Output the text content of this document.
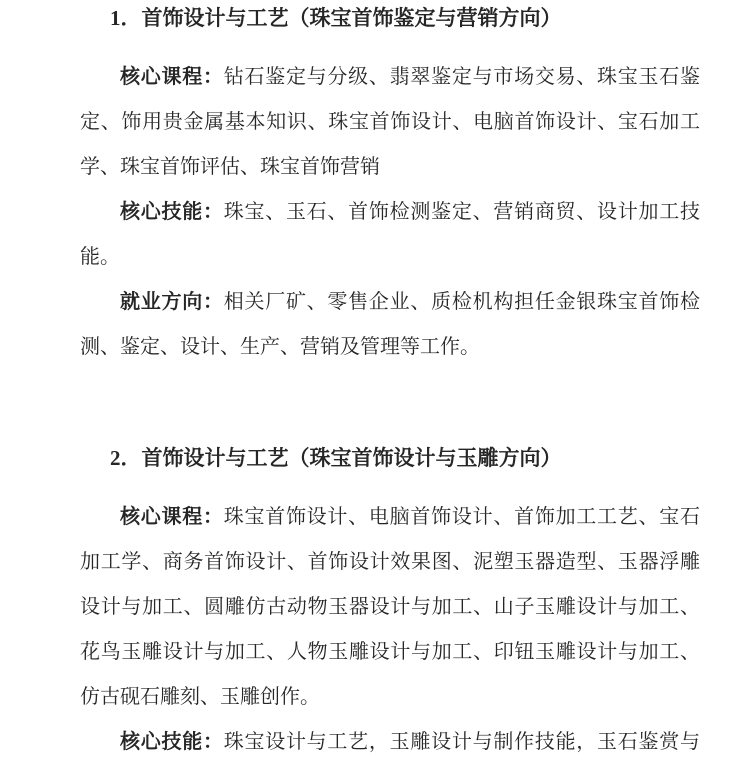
1．首饰设计与工艺（珠宝首饰鉴定与营销方向）
核心课程：钻石鉴定与分级、翡翠鉴定与市场交易、珠宝玉石鉴
定、饰用贵金属基本知识、珠宝首饰设计、电脑首饰设计、宝石加工
学、珠宝首饰评估、珠宝首饰营销
核心技能：珠宝、玉石、首饰检测鉴定、营销商贸、设计加工技
能。
就业方向：相关厂矿、零售企业、质检机构担任金银珠宝首饰检
测、鉴定、设计、生产、营销及管理等工作。
2．首饰设计与工艺（珠宝首饰设计与玉雕方向）
核心课程：珠宝首饰设计、电脑首饰设计、首饰加工工艺、宝石
加工学、商务首饰设计、首饰设计效果图、泥塑玉器造型、玉器浮雕
设计与加工、圆雕仿古动物玉器设计与加工、山子玉雕设计与加工、
花鸟玉雕设计与加工、人物玉雕设计与加工、印钮玉雕设计与加工、
仿古砚石雕刻、玉雕创作。
核心技能：珠宝设计与工艺，玉雕设计与制作技能，玉石鉴赏与
